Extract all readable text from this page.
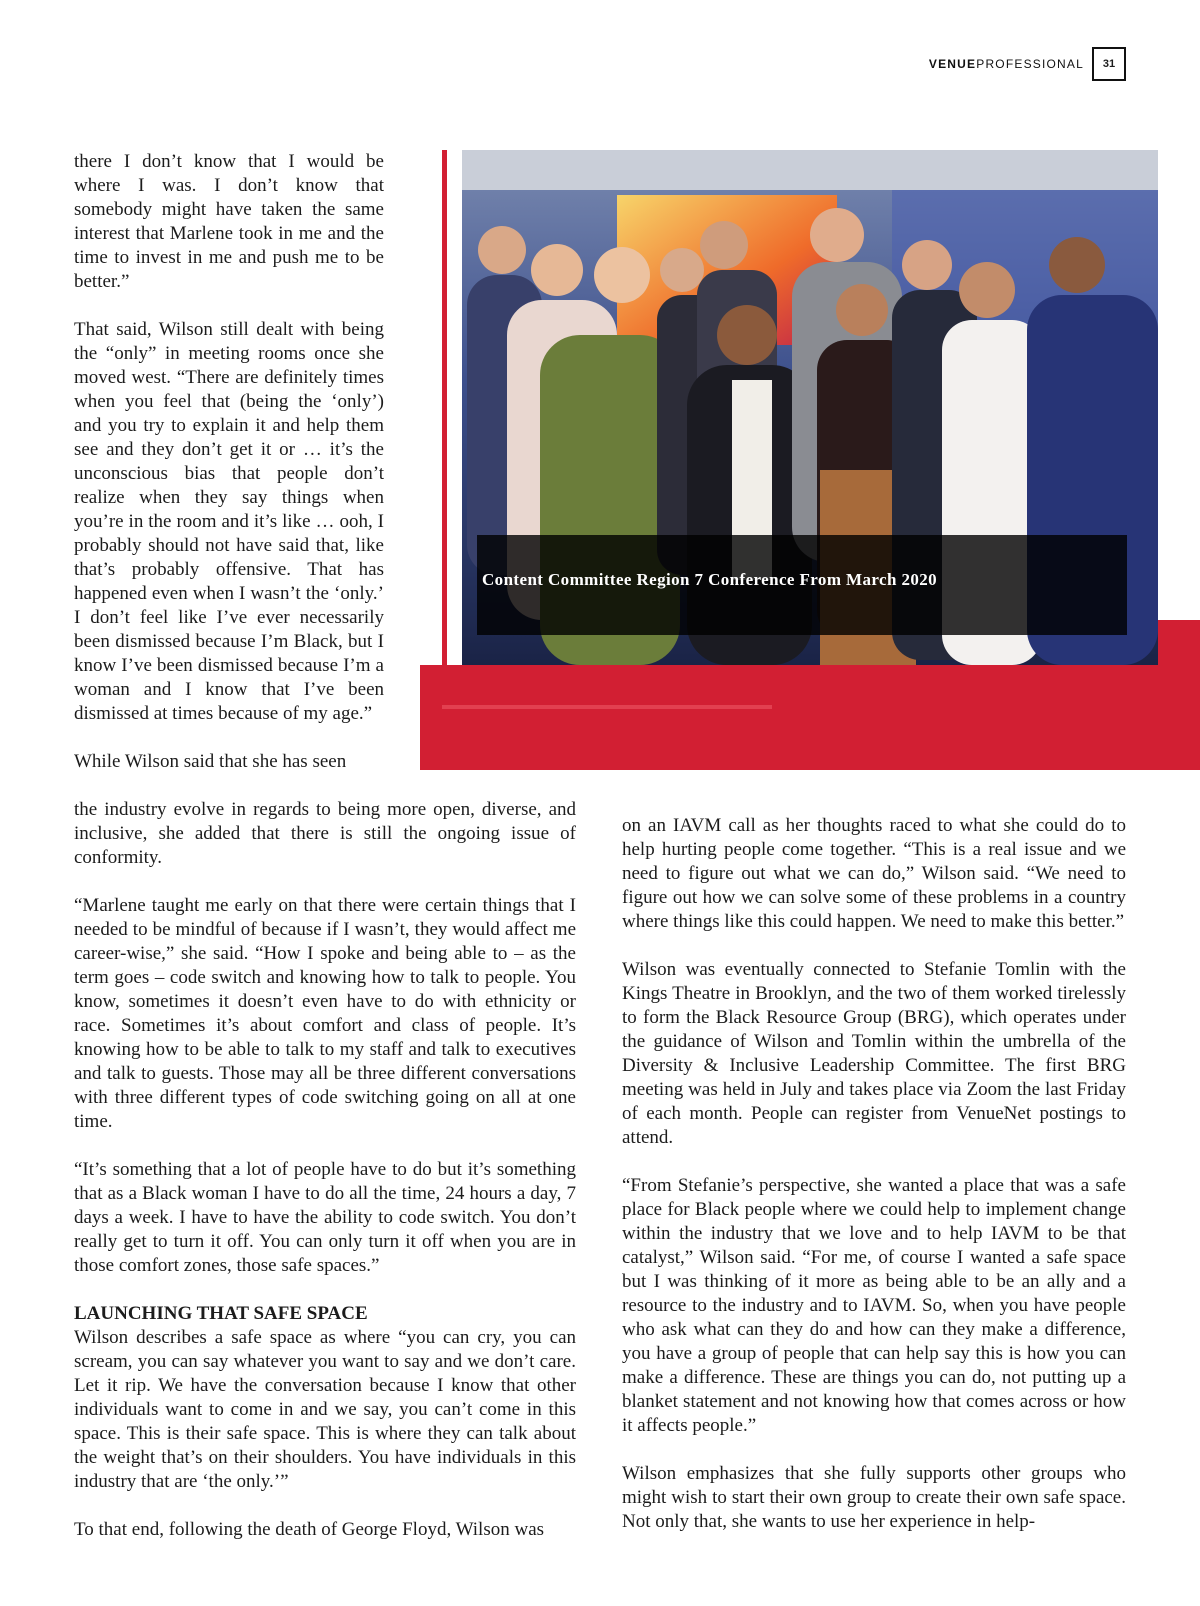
VENUEPROFESSIONAL	31

there I don’t know that I would be where I was. I don’t know that somebody might have taken the same interest that Marlene took in me and the time to invest in me and push me to be better.”

That said, Wilson still dealt with being the “only” in meeting rooms once she moved west. “There are definitely times when you feel that (being the ‘only’) and you try to explain it and help them see and they don’t get it or … it’s the unconscious bias that people don’t realize when they say things when you’re in the room and it’s like … ooh, I probably should not have said that, like that’s probably offensive. That has happened even when I wasn’t the ‘only.’ I don’t feel like I’ve ever necessarily been dismissed because I’m Black, but I know I’ve been dismissed because I’m a woman and I know that I’ve been dismissed at times because of my age.”

While Wilson said that she has seen

Content Committee Region 7 Conference From March 2020

the industry evolve in regards to being more open, diverse, and inclusive, she added that there is still the ongoing issue of conformity.

“Marlene taught me early on that there were certain things that I needed to be mindful of because if I wasn’t, they would affect me career-wise,” she said. “How I spoke and being able to – as the term goes – code switch and knowing how to talk to people. You know, sometimes it doesn’t even have to do with ethnicity or race. Sometimes it’s about comfort and class of people. It’s knowing how to be able to talk to my staff and talk to executives and talk to guests. Those may all be three different conversations with three different types of code switching going on all at one time.

“It’s something that a lot of people have to do but it’s something that as a Black woman I have to do all the time, 24 hours a day, 7 days a week. I have to have the ability to code switch. You don’t really get to turn it off. You can only turn it off when you are in those comfort zones, those safe spaces.”

LAUNCHING THAT SAFE SPACE

Wilson describes a safe space as where “you can cry, you can scream, you can say whatever you want to say and we don’t care. Let it rip. We have the conversation because I know that other individuals want to come in and we say, you can’t come in this space. This is their safe space. This is where they can talk about the weight that’s on their shoulders. You have individuals in this industry that are ‘the only.’”

To that end, following the death of George Floyd, Wilson was

on an IAVM call as her thoughts raced to what she could do to help hurting people come together. “This is a real issue and we need to figure out what we can do,” Wilson said. “We need to figure out how we can solve some of these problems in a country where things like this could happen. We need to make this better.”

Wilson was eventually connected to Stefanie Tomlin with the Kings Theatre in Brooklyn, and the two of them worked tirelessly to form the Black Resource Group (BRG), which operates under the guidance of Wilson and Tomlin within the umbrella of the Diversity & Inclusive Leadership Committee. The first BRG meeting was held in July and takes place via Zoom the last Friday of each month. People can register from VenueNet postings to attend.

“From Stefanie’s perspective, she wanted a place that was a safe place for Black people where we could help to implement change within the industry that we love and to help IAVM to be that catalyst,” Wilson said. “For me, of course I wanted a safe space but I was thinking of it more as being able to be an ally and a resource to the industry and to IAVM. So, when you have people who ask what can they do and how can they make a difference, you have a group of people that can help say this is how you can make a difference. These are things you can do, not putting up a blanket statement and not knowing how that comes across or how it affects people.”

Wilson emphasizes that she fully supports other groups who might wish to start their own group to create their own safe space. Not only that, she wants to use her experience in help-
